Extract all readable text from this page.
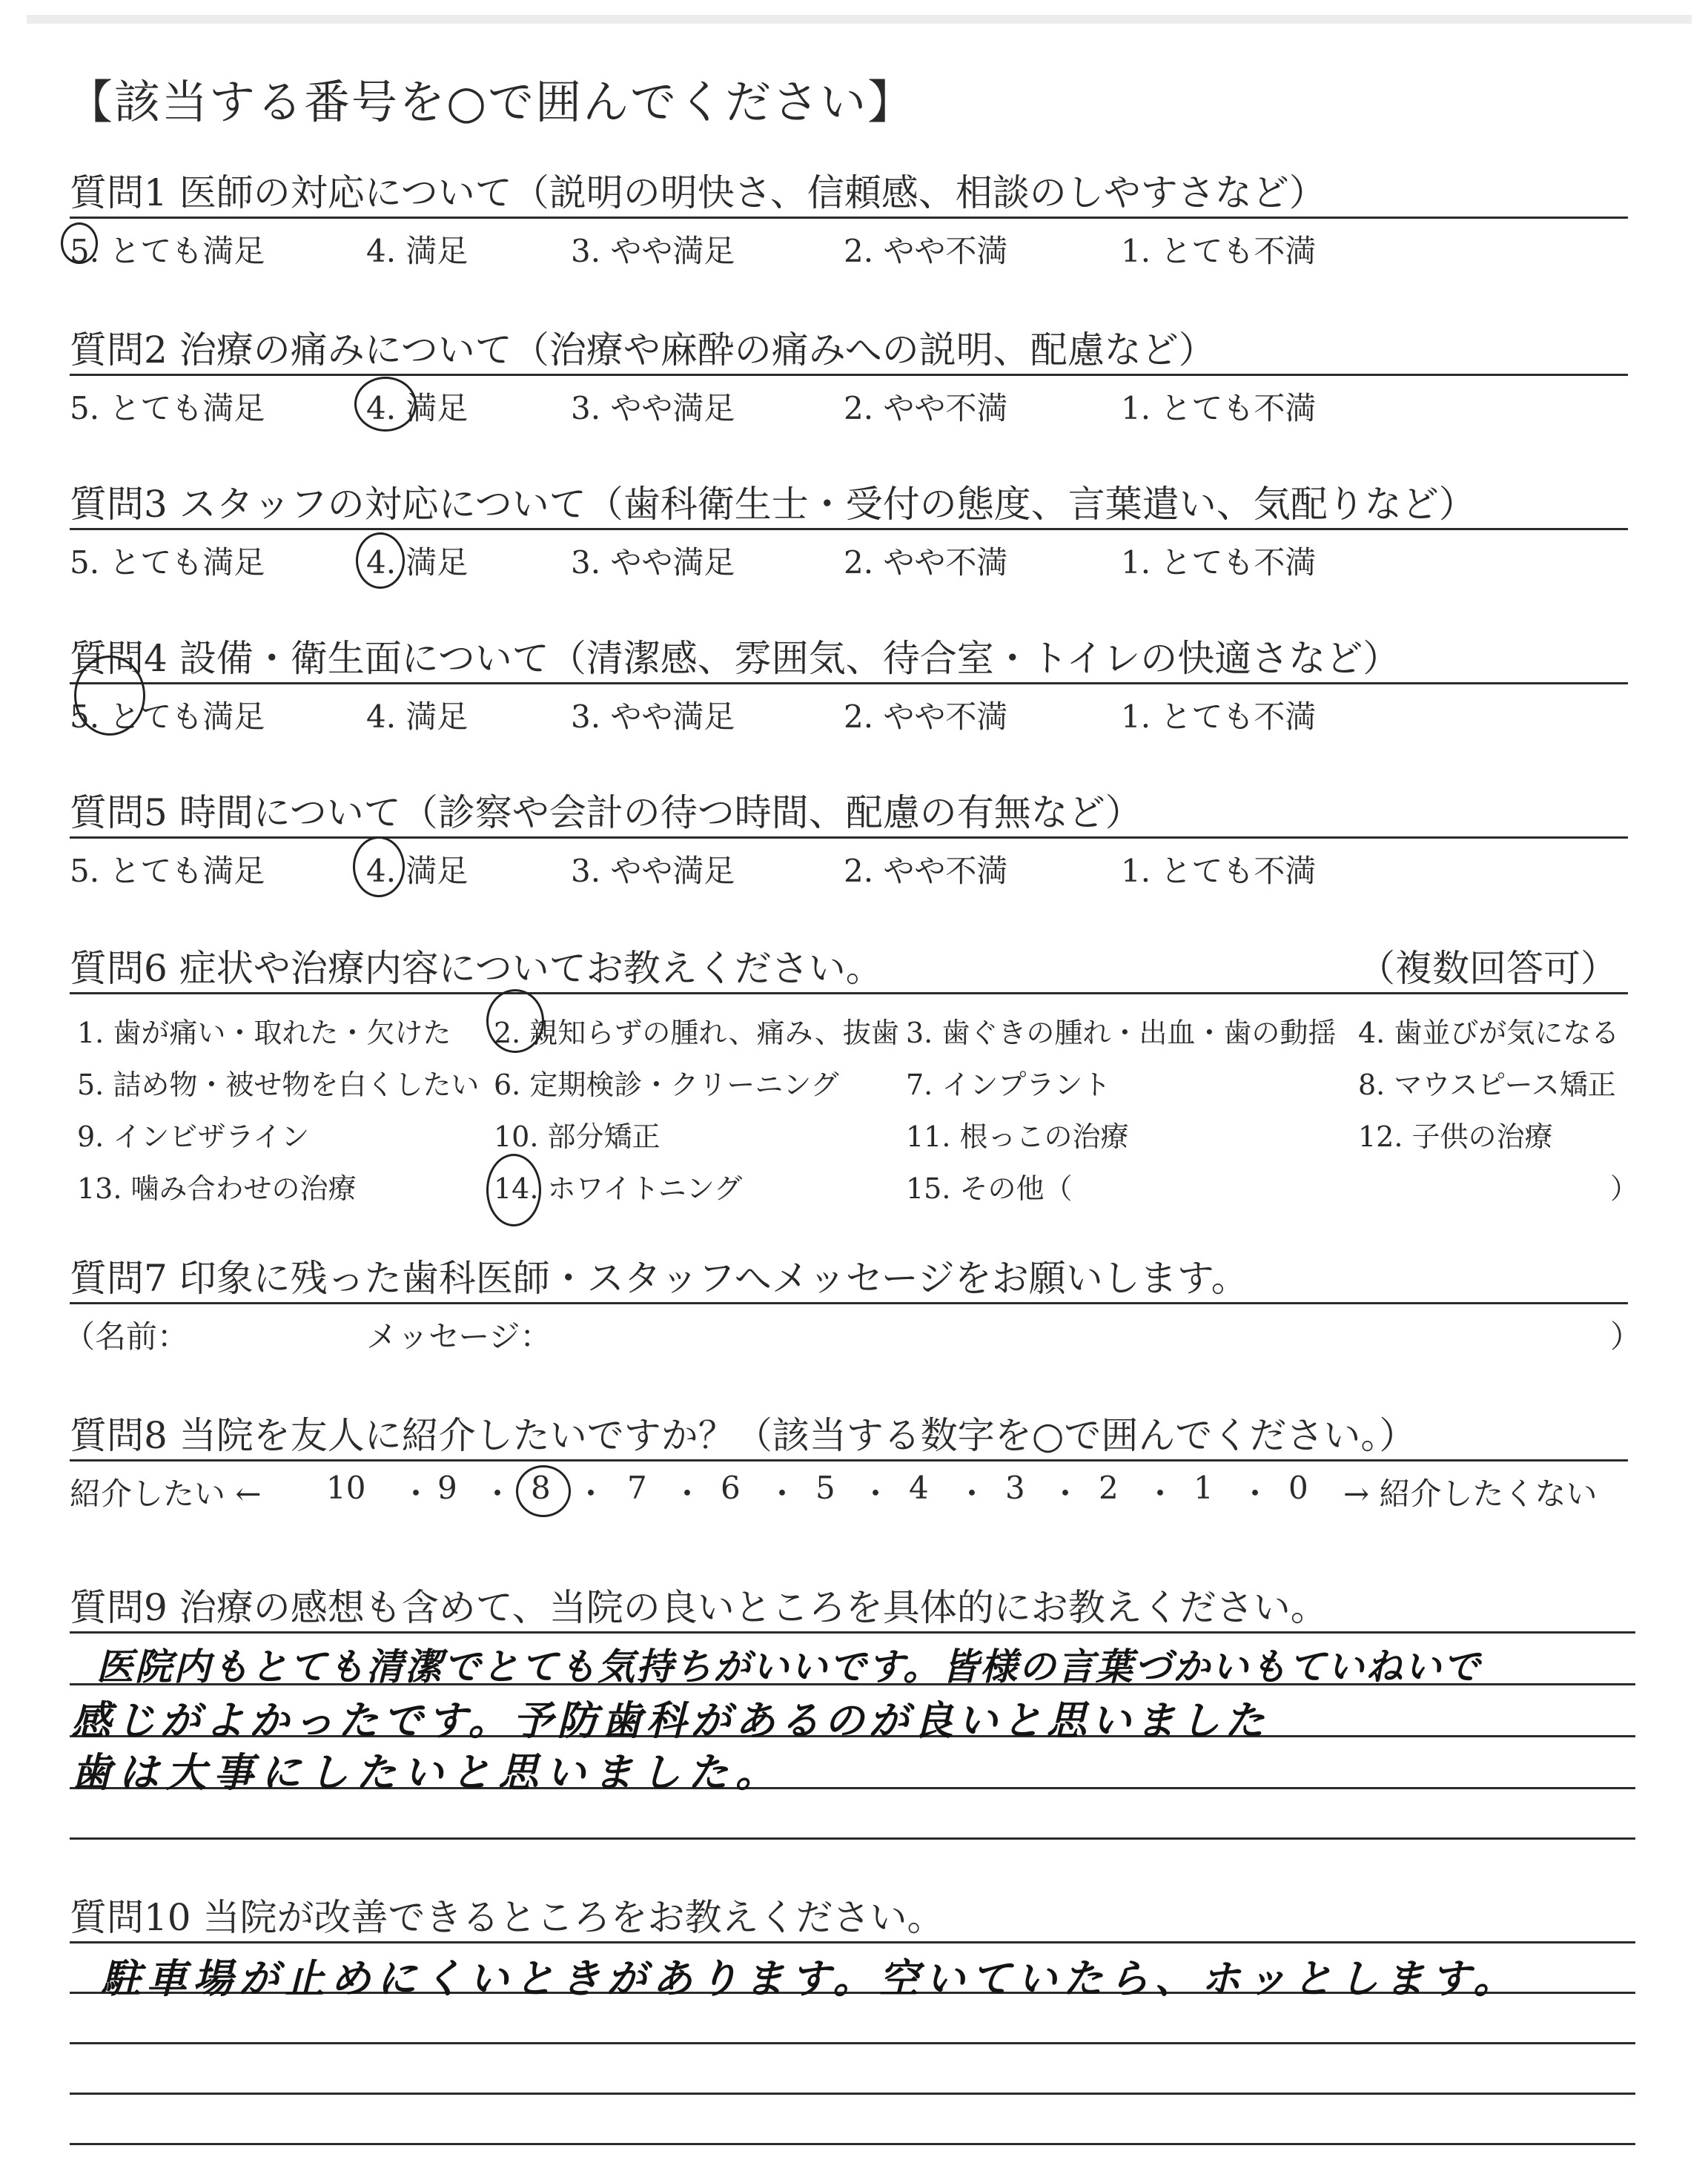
【該当する番号を○で囲んでください】
質問1 医師の対応について（説明の明快さ、信頼感、相談のしやすさなど）
5. とても満足	4. 満足	3. やや満足	2. やや不満	1. とても不満
質問2 治療の痛みについて（治療や麻酔の痛みへの説明、配慮など）
5. とても満足	4. 満足	3. やや満足	2. やや不満	1. とても不満
質問3 スタッフの対応について（歯科衛生士・受付の態度、言葉遣い、気配りなど）
5. とても満足	4. 満足	3. やや満足	2. やや不満	1. とても不満
質問4 設備・衛生面について（清潔感、雰囲気、待合室・トイレの快適さなど）
5. とても満足	4. 満足	3. やや満足	2. やや不満	1. とても不満
質問5 時間について（診察や会計の待つ時間、配慮の有無など）
5. とても満足	4. 満足	3. やや満足	2. やや不満	1. とても不満
質問6 症状や治療内容についてお教えください。	（複数回答可）
1. 歯が痛い・取れた・欠けた 2. 親知らずの腫れ、痛み、抜歯 3. 歯ぐきの腫れ・出血・歯の動揺 4. 歯並びが気になる
5. 詰め物・被せ物を白くしたい 6. 定期検診・クリーニング 7. インプラント	8. マウスピース矯正
9. インビザライン	10. 部分矯正	11. 根っこの治療	12. 子供の治療
13. 噛み合わせの治療	14. ホワイトニング	15. その他（	）
質問7 印象に残った歯科医師・スタッフへメッセージをお願いします。
（名前：	メッセージ：	）
質問8 当院を友人に紹介したいですか？（該当する数字を○で囲んでください。）
紹介したい ←	→ 紹介したくない
10 ・ 9 ・ 8 ・ 7 ・ 6 ・ 5 ・ 4 ・ 3 ・ 2 ・ 1 ・ 0
質問9 治療の感想も含めて、当院の良いところを具体的にお教えください。
医院内もとても清潔でとても気持ちがいいです。皆様の言葉づかいもていねいで
感じがよかったです。予防歯科があるのが良いと思いました
歯は大事にしたいと思いました。
質問10 当院が改善できるところをお教えください。
駐車場が止めにくいときがあります。空いていたら、ホッとします。
